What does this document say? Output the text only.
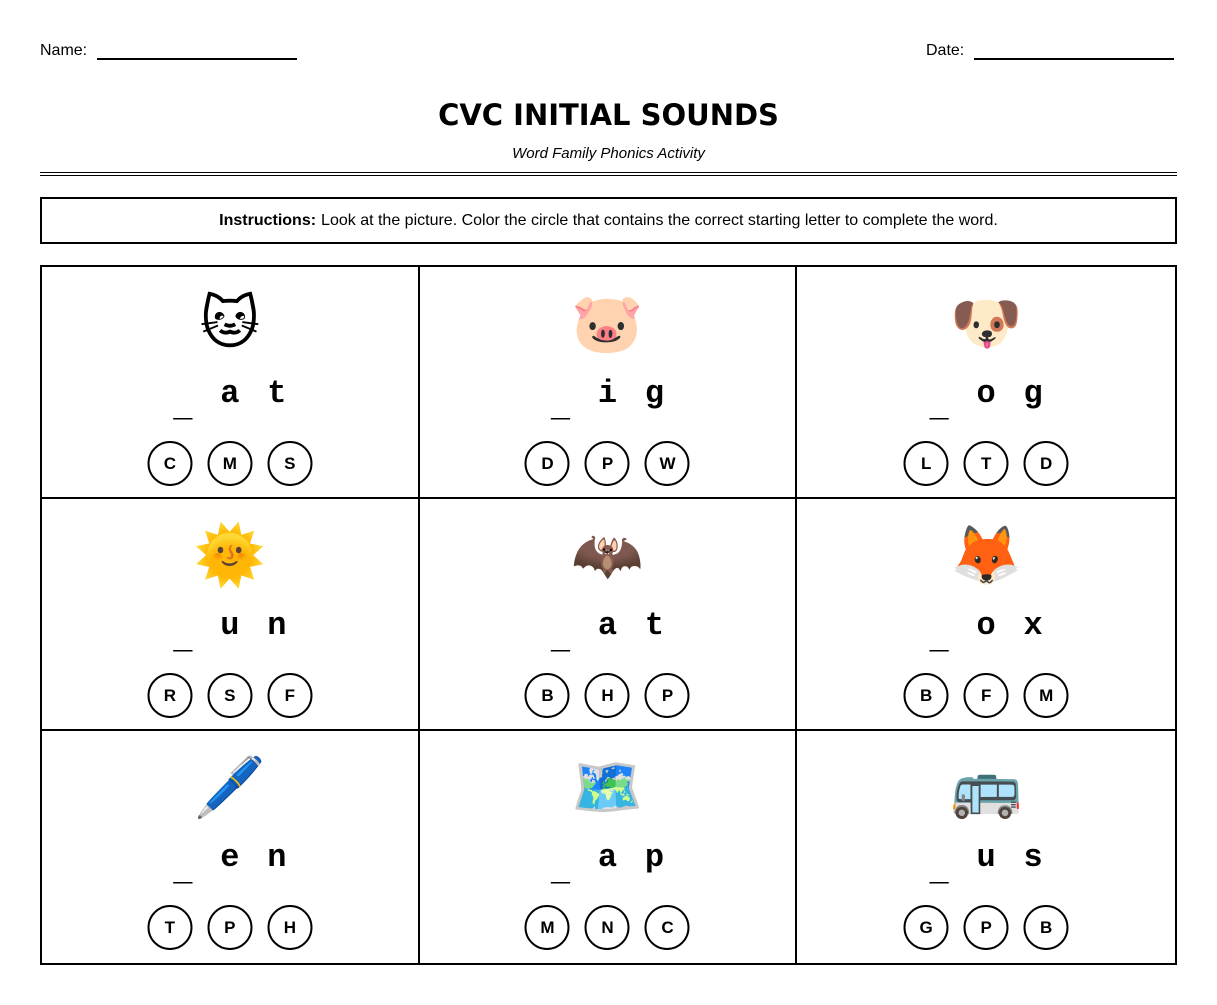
Name:	Date:
CVC INITIAL SOUNDS
Word Family Phonics Activity
Instructions: Look at the picture. Color the circle that contains the correct starting letter to complete the word.
🐱
_ a t
C	M	S
🐷
_ i g
D	P	W
🐶
_ o g
L	T	D
🌞
_ u n
R	S	F
🦇
_ a t
B	H	P
🦊
_ o x
B	F	M
🖊️
_ e n
T	P	H
🗺️
_ a p
M	N	C
🚌
_ u s
G	P	B
